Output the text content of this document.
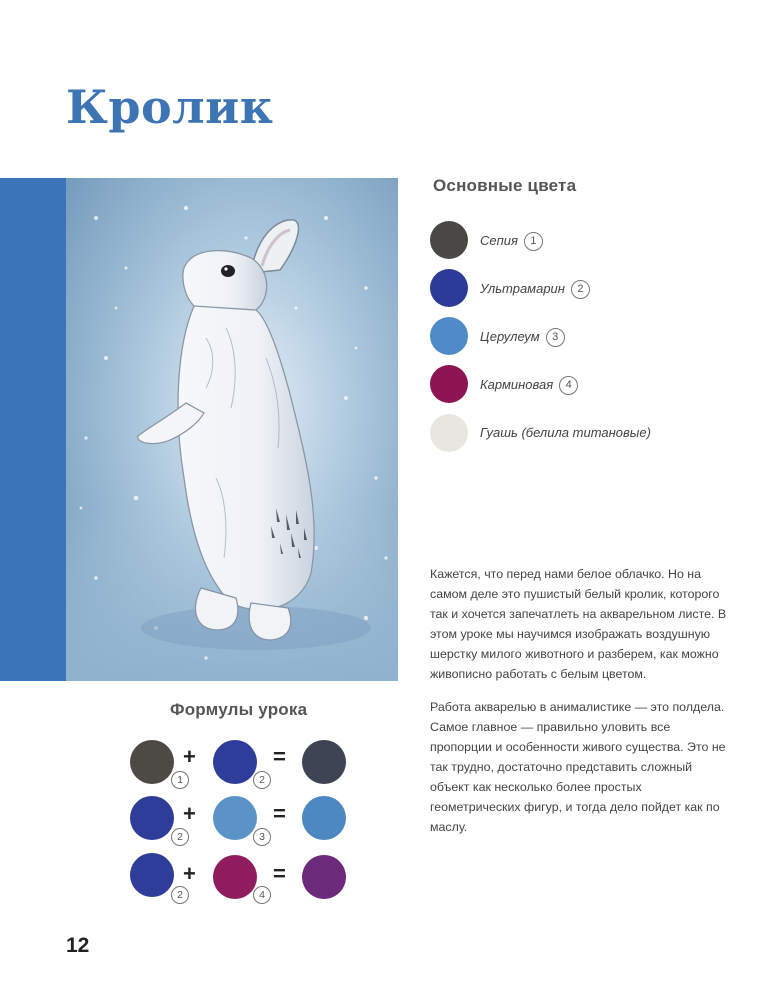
Кролик
Основные цвета
Сепия 1
Ультрамарин 2
Церулеум 3
Карминовая 4
Гуашь (белила титановые)
Кажется, что перед нами белое облачко. Но на самом деле это пушистый белый кролик, которого так и хочется запечатлеть на акварельном листе. В этом уроке мы научимся изображать воздушную шерстку милого животного и разберем, как можно живописно работать с белым цветом.
Работа акварелью в анималистике — это полдела. Самое главное — правильно уловить все пропорции и особенности живого существа. Это не так трудно, достаточно представить сложный объект как несколько более простых геометрических фигур, и тогда дело пойдет как по маслу.
Формулы урока
1
+
2
=
2
+
3
=
2
+
4
=
12
